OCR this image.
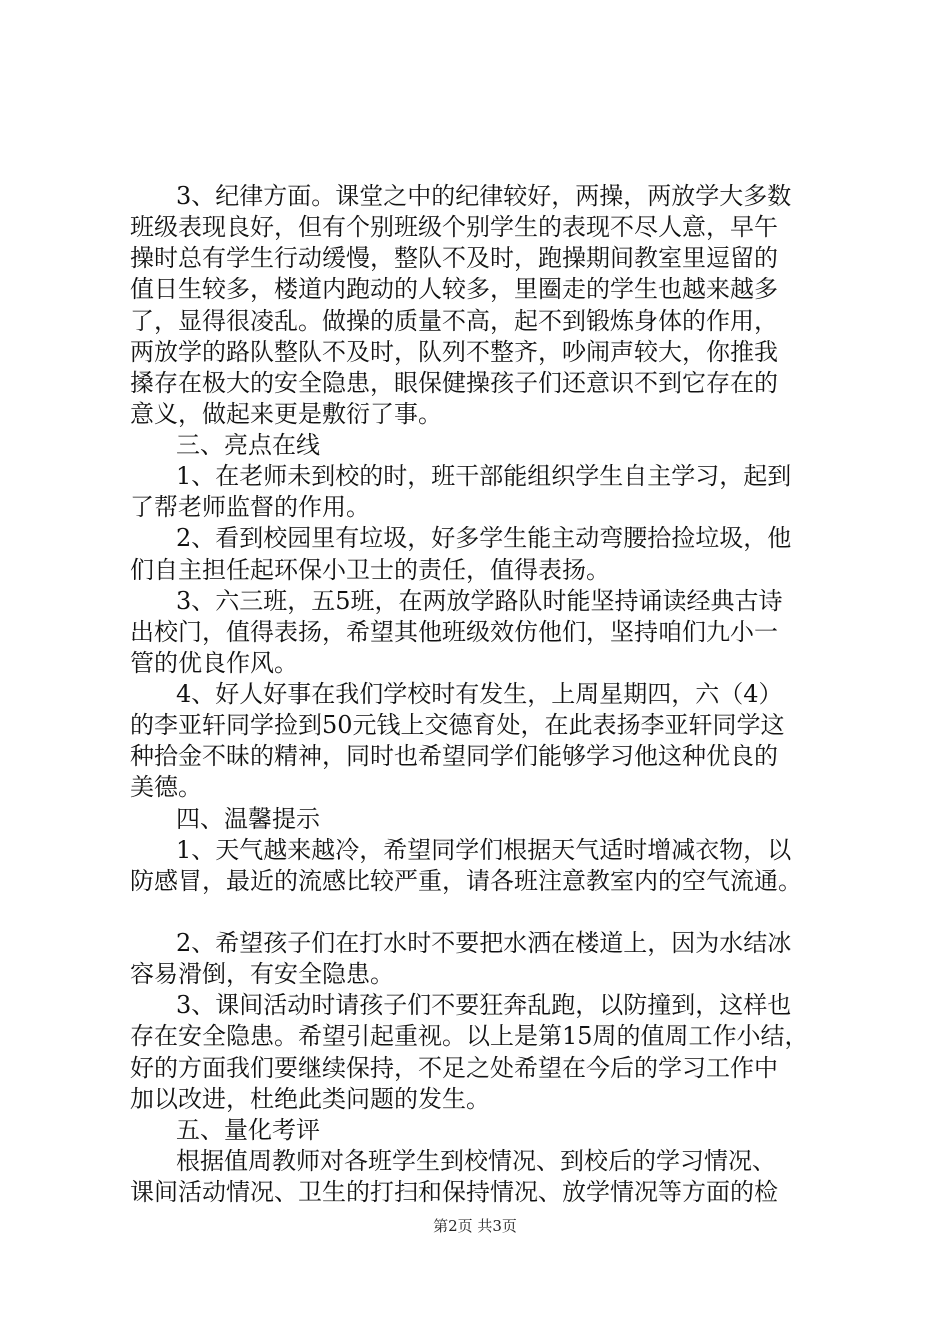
3、纪律方面。课堂之中的纪律较好，两操，两放学大多数
班级表现良好，但有个别班级个别学生的表现不尽人意，早午
操时总有学生行动缓慢，整队不及时，跑操期间教室里逗留的
值日生较多，楼道内跑动的人较多，里圈走的学生也越来越多
了，显得很凌乱。做操的质量不高，起不到锻炼身体的作用，
两放学的路队整队不及时，队列不整齐，吵闹声较大，你推我
搡存在极大的安全隐患，眼保健操孩子们还意识不到它存在的
意义，做起来更是敷衍了事。
三、亮点在线
1、在老师未到校的时，班干部能组织学生自主学习，起到
了帮老师监督的作用。
2、看到校园里有垃圾，好多学生能主动弯腰拾捡垃圾，他
们自主担任起环保小卫士的责任，值得表扬。
3、六三班，五5班，在两放学路队时能坚持诵读经典古诗
出校门，值得表扬，希望其他班级效仿他们，坚持咱们九小一
管的优良作风。
4、好人好事在我们学校时有发生，上周星期四，六（4）
的李亚轩同学捡到50元钱上交德育处，在此表扬李亚轩同学这
种拾金不昧的精神，同时也希望同学们能够学习他这种优良的
美德。
四、温馨提示
1、天气越来越冷，希望同学们根据天气适时增减衣物，以
防感冒，最近的流感比较严重，请各班注意教室内的空气流通。
2、希望孩子们在打水时不要把水洒在楼道上，因为水结冰
容易滑倒，有安全隐患。
3、课间活动时请孩子们不要狂奔乱跑，以防撞到，这样也
存在安全隐患。希望引起重视。以上是第15周的值周工作小结，
好的方面我们要继续保持，不足之处希望在今后的学习工作中
加以改进，杜绝此类问题的发生。
五、量化考评
根据值周教师对各班学生到校情况、到校后的学习情况、
课间活动情况、卫生的打扫和保持情况、放学情况等方面的检
第2页 共3页
